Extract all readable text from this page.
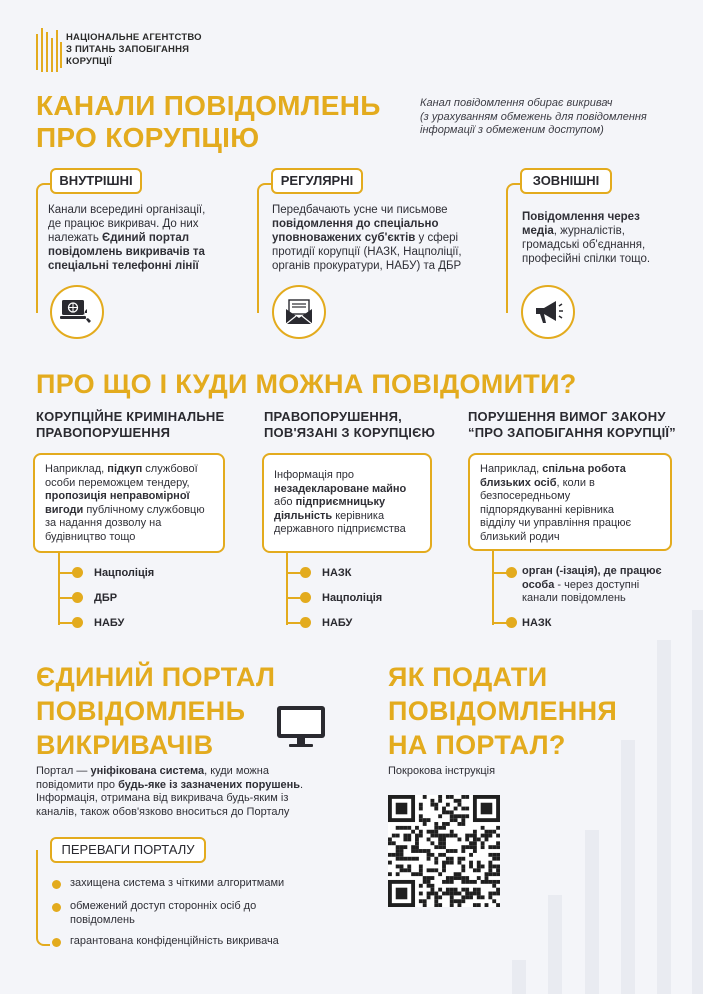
НАЦІОНАЛЬНЕ АГЕНТСТВО
З ПИТАНЬ ЗАПОБІГАННЯ
КОРУПЦІЇ
КАНАЛИ ПОВІДОМЛЕНЬ
ПРО КОРУПЦІЮ
Канал повідомлення обирає викривач
(з урахуванням обмежень для повідомлення
інформації з обмеженим доступом)
ВНУТРІШНІ
Канали всередині організації,
де працює викривач. До них
належать Єдиний портал
повідомлень викривачів та
спеціальні телефонні лінії
РЕГУЛЯРНІ
Передбачають усне чи письмове
повідомлення до спеціально
уповноважених суб'єктів у сфері
протидії корупції (НАЗК, Нацполіції,
органів прокуратури, НАБУ) та ДБР
ЗОВНІШНІ
Повідомлення через
медіа, журналістів,
громадські об'єднання,
професійні спілки тощо.
ПРО ЩО І КУДИ МОЖНА ПОВІДОМИТИ?
КОРУПЦІЙНЕ КРИМІНАЛЬНЕ
ПРАВОПОРУШЕННЯ
Наприклад, підкуп службової
особи переможцем тендеру,
пропозиція неправомірної
вигоди публічному службовцю
за надання дозволу на
будівництво тощо
Нацполіція
ДБР
НАБУ
ПРАВОПОРУШЕННЯ,
ПОВ'ЯЗАНІ З КОРУПЦІЄЮ
Інформація про
незадеклароване майно
або підприємницьку
діяльність керівника
державного підприємства
НАЗК
Нацполіція
НАБУ
ПОРУШЕННЯ ВИМОГ ЗАКОНУ
“ПРО ЗАПОБІГАННЯ КОРУПЦІЇ”
Наприклад, спільна робота
близьких осіб, коли в
безпосередньому
підпорядкуванні керівника
відділу чи управління працює
близький родич
орган (-ізація), де працює
особа - через доступні
канали повідомлень
НАЗК
ЄДИНИЙ ПОРТАЛ
ПОВІДОМЛЕНЬ
ВИКРИВАЧІВ
Портал — уніфікована система, куди можна
повідомити про будь-яке із зазначених порушень.
Інформація, отримана від викривача будь-яким із
каналів, також обов'язково вноситься до Порталу
ПЕРЕВАГИ ПОРТАЛУ
захищена система з чіткими алгоритмами
обмежений доступ сторонніх осіб до
повідомлень
гарантована конфіденційність викривача
ЯК ПОДАТИ
ПОВІДОМЛЕННЯ
НА ПОРТАЛ?
Покрокова інструкція
